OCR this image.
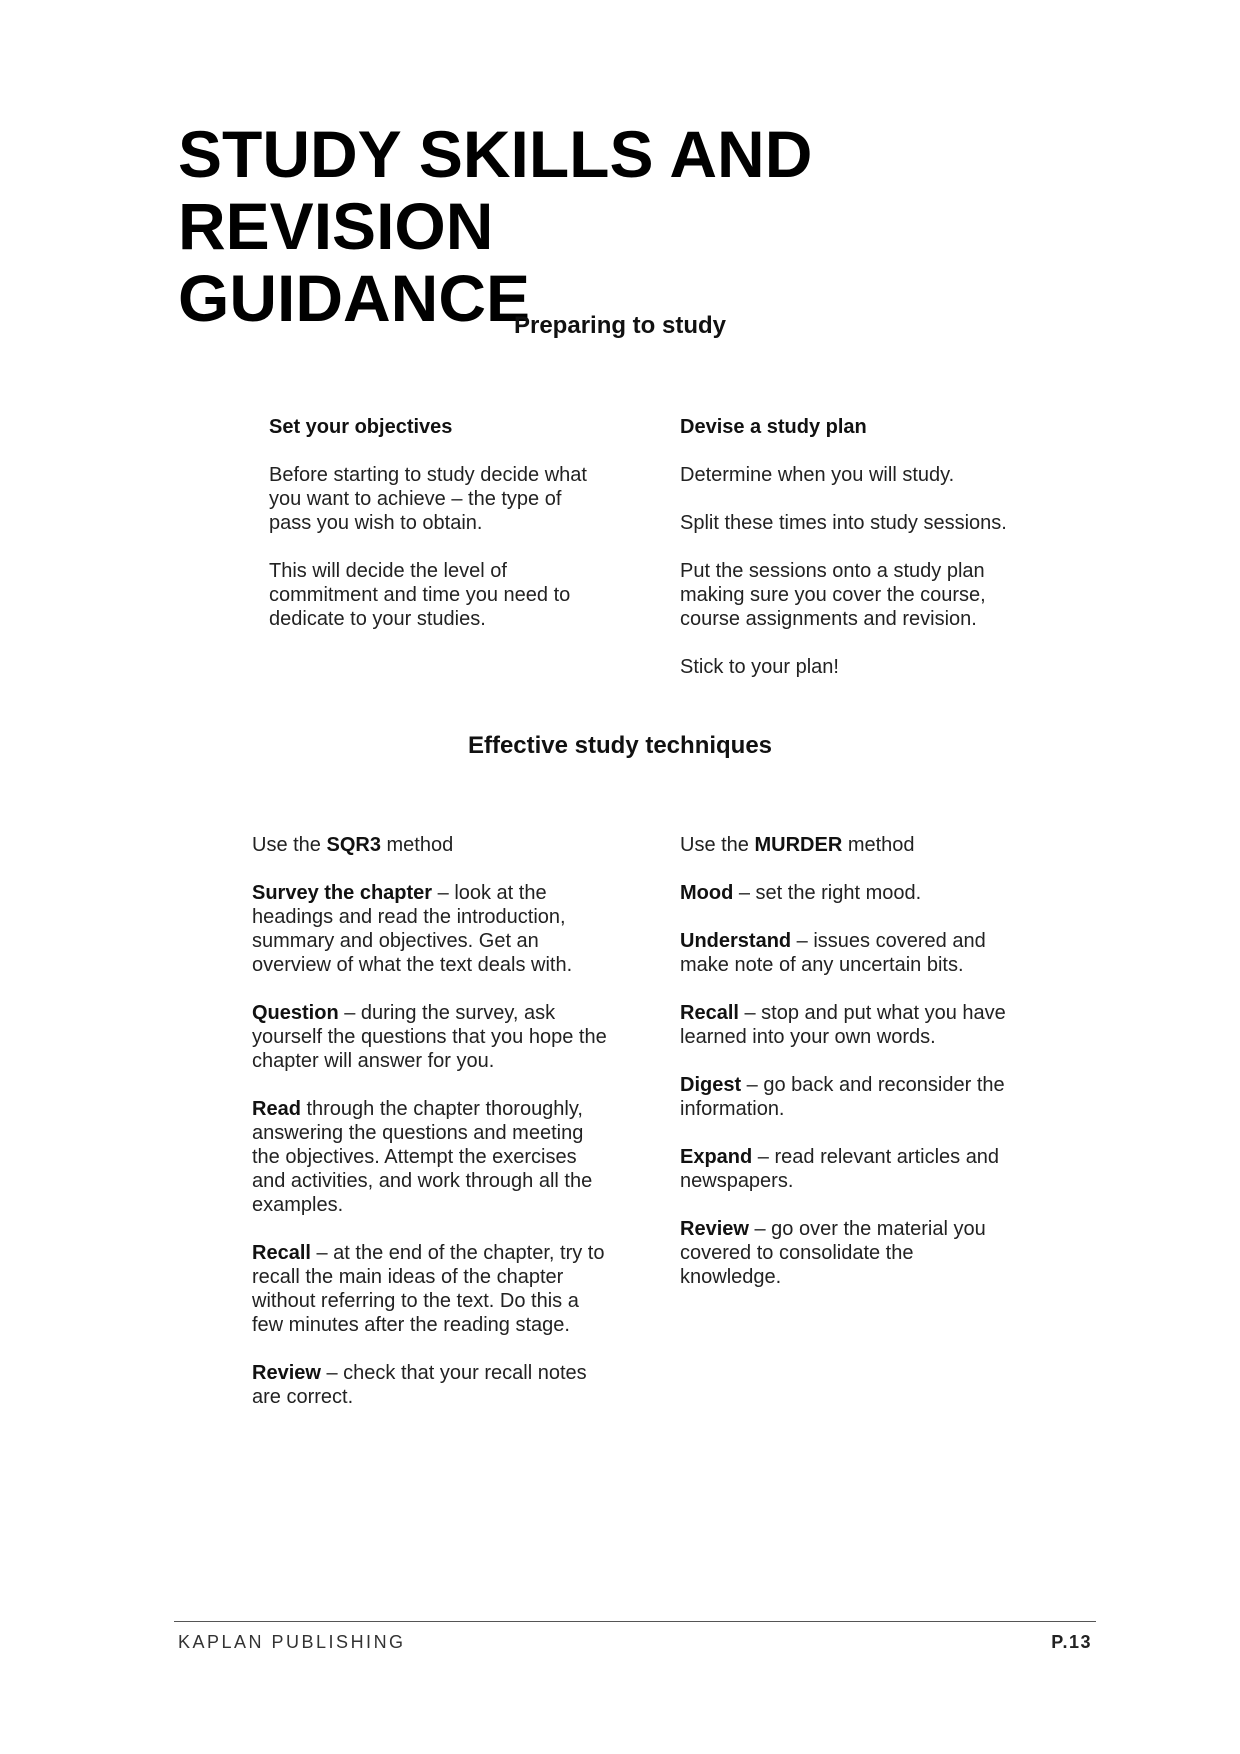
STUDY SKILLS AND REVISION
GUIDANCE
Preparing to study
Set your objectives

Before starting to study decide what you want to achieve – the type of pass you wish to obtain.

This will decide the level of commitment and time you need to dedicate to your studies.

Devise a study plan

Determine when you will study.

Split these times into study sessions.

Put the sessions onto a study plan making sure you cover the course, course assignments and revision.

Stick to your plan!

Effective study techniques

Use the SQR3 method

Survey the chapter – look at the headings and read the introduction, summary and objectives. Get an overview of what the text deals with.

Question – during the survey, ask yourself the questions that you hope the chapter will answer for you.

Read through the chapter thoroughly, answering the questions and meeting the objectives. Attempt the exercises and activities, and work through all the examples.

Recall – at the end of the chapter, try to recall the main ideas of the chapter without referring to the text. Do this a few minutes after the reading stage.

Review – check that your recall notes are correct.

Use the MURDER method

Mood – set the right mood.

Understand – issues covered and make note of any uncertain bits.

Recall – stop and put what you have learned into your own words.

Digest – go back and reconsider the information.

Expand – read relevant articles and newspapers.

Review – go over the material you covered to consolidate the knowledge.

KAPLAN PUBLISHING	P.13
